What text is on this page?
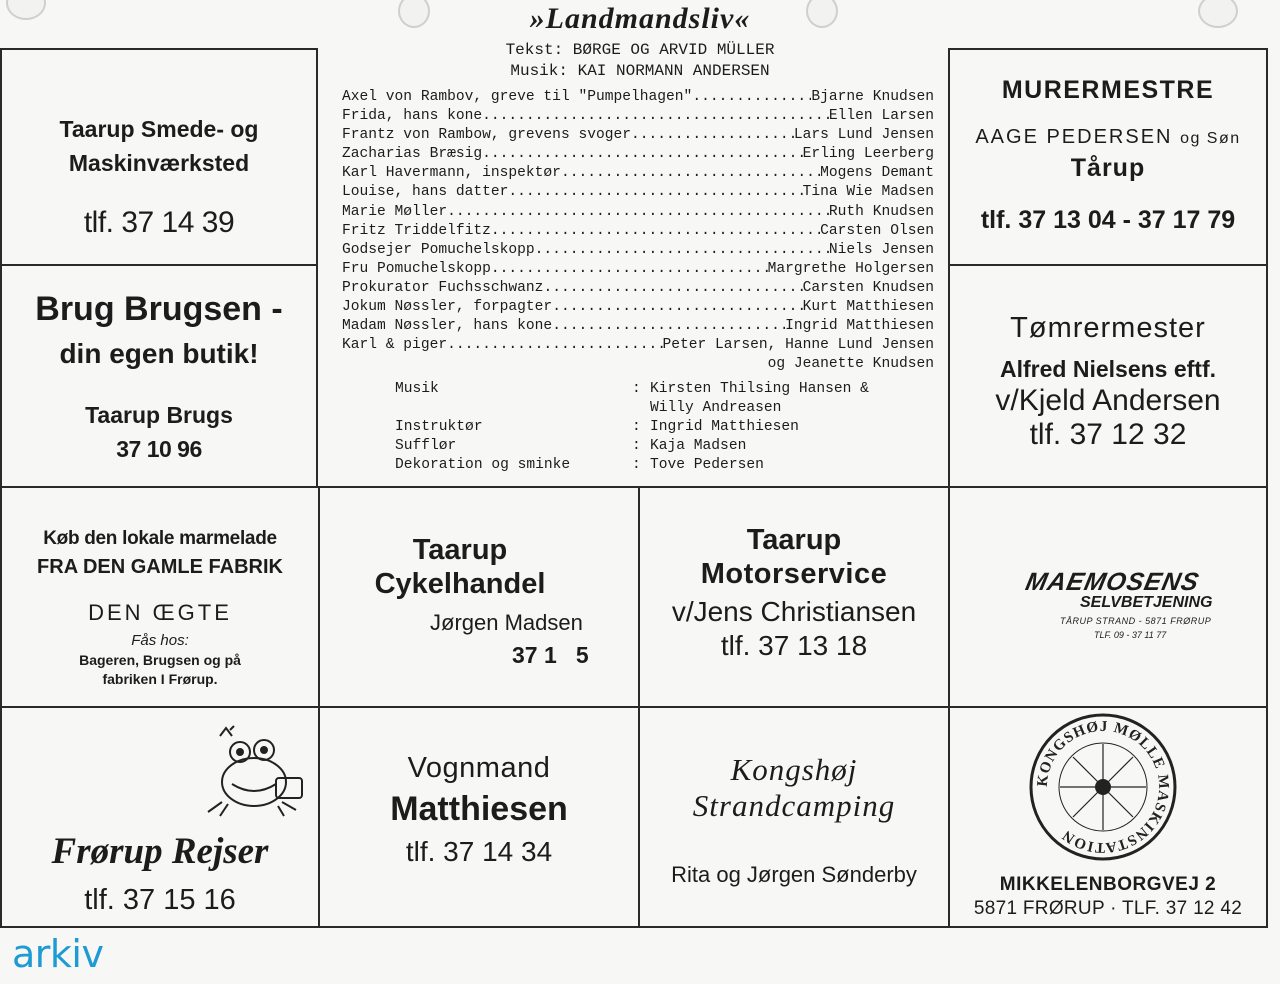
»Landmandsliv«
Tekst: BØRGE OG ARVID MÜLLER
Musik: KAI NORMANN ANDERSEN
Axel von Rambov, greve til "Pumpelhagen" .....	Bjarne Knudsen
Frida, hans kone .....	Ellen Larsen
Frantz von Rambow, grevens svoger .....	Lars Lund Jensen
Zacharias Bræsig .....	Erling Leerberg
Karl Havermann, inspektør .....	Mogens Demant
Louise, hans datter .....	Tina Wie Madsen
Marie Møller .....	Ruth Knudsen
Fritz Triddelfitz .....	Carsten Olsen
Godsejer Pomuchelskopp .....	Niels Jensen
Fru Pomuchelskopp .....	Margrethe Holgersen
Prokurator Fuchsschwanz .....	Carsten Knudsen
Jokum Nøssler, forpagter .....	Kurt Matthiesen
Madam Nøssler, hans kone .....	Ingrid Matthiesen
Karl & piger .....	Peter Larsen, Hanne Lund Jensen
og Jeanette Knudsen
Musik	: Kirsten Thilsing Hansen &
Willy Andreasen
Instruktør	: Ingrid Matthiesen
Sufflør	: Kaja Madsen
Dekoration og sminke	: Tove Pedersen
Taarup Smede- og
Maskinværksted
tlf. 37 14 39
MURERMESTRE
AAGE PEDERSEN og Søn
Tårup
tlf. 37 13 04 - 37 17 79
Brug Brugsen -
din egen butik!
Taarup Brugs
37 10 96
Tømrermester
Alfred Nielsens eftf.
v/Kjeld Andersen
tlf. 37 12 32
Køb den lokale marmelade
FRA DEN GAMLE FABRIK
DEN ŒGTE
Fås hos:
Bageren, Brugsen og på
fabriken I Frørup.
Taarup
Cykelhandel
Jørgen Madsen
37 1   5
Taarup
Motorservice
v/Jens Christiansen
tlf. 37 13 18
MAEMOSENS
SELVBETJENING
TÅRUP STRAND - 5871 FRØRUP
TLF. 09 - 37 11 77
Frørup Rejser
tlf. 37 15 16
Vognmand
Matthiesen
tlf. 37 14 34
Kongshøj
Strandcamping
Rita og Jørgen Sønderby	MIKKELENBORGVEJ 2
5871 FRØRUP · TLF. 37 12 42
KONGSHØJ MØLLE MASKINSTATION
arkiv
